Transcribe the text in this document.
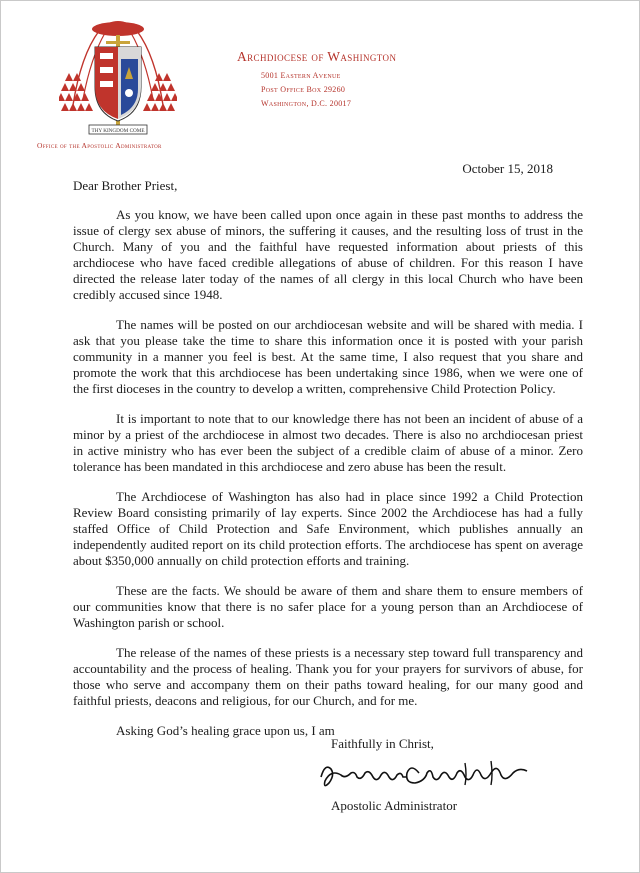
THY KINGDOM COME
Office of the Apostolic Administrator
Archdiocese of Washington
5001 Eastern Avenue
Post Office Box 29260
Washington, D.C. 20017
October 15, 2018
Dear Brother Priest,

As you know, we have been called upon once again in these past months to address the issue of clergy sex abuse of minors, the suffering it causes, and the resulting loss of trust in the Church. Many of you and the faithful have requested information about priests of this archdiocese who have faced credible allegations of abuse of children. For this reason I have directed the release later today of the names of all clergy in this local Church who have been credibly accused since 1948.

The names will be posted on our archdiocesan website and will be shared with media. I ask that you please take the time to share this information once it is posted with your parish community in a manner you feel is best. At the same time, I also request that you share and promote the work that this archdiocese has been undertaking since 1986, when we were one of the first dioceses in the country to develop a written, comprehensive Child Protection Policy.

It is important to note that to our knowledge there has not been an incident of abuse of a minor by a priest of the archdiocese in almost two decades. There is also no archdiocesan priest in active ministry who has ever been the subject of a credible claim of abuse of a minor. Zero tolerance has been mandated in this archdiocese and zero abuse has been the result.

The Archdiocese of Washington has also had in place since 1992 a Child Protection Review Board consisting primarily of lay experts. Since 2002 the Archdiocese has had a fully staffed Office of Child Protection and Safe Environment, which publishes annually an independently audited report on its child protection efforts. The archdiocese has spent on average about $350,000 annually on child protection efforts and training.

These are the facts. We should be aware of them and share them to ensure members of our communities know that there is no safer place for a young person than an Archdiocese of Washington parish or school.

The release of the names of these priests is a necessary step toward full transparency and accountability and the process of healing. Thank you for your prayers for survivors of abuse, for those who serve and accompany them on their paths toward healing, for our many good and faithful priests, deacons and religious, for our Church, and for me.

Asking God’s healing grace upon us, I am

Faithfully in Christ,
Apostolic Administrator
